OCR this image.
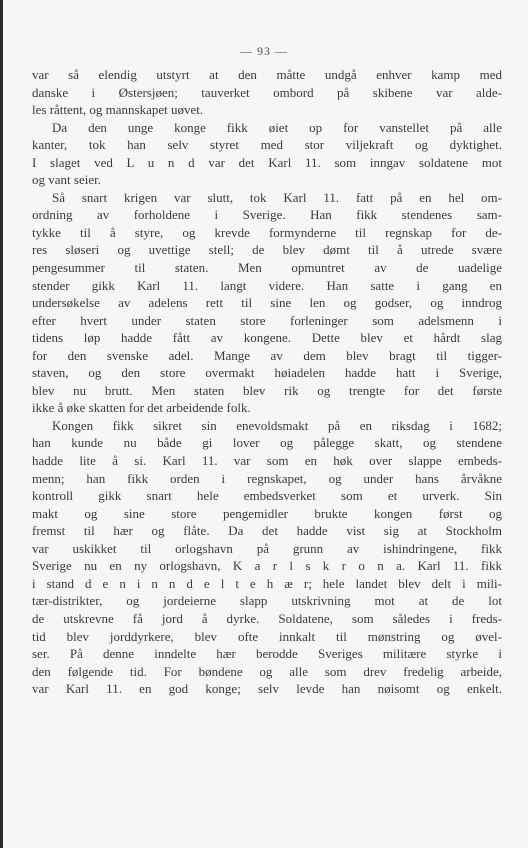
— 93 —
var så elendig utstyrt at den måtte undgå enhver kamp med
danske i Østersjøen; tauverket ombord på skibene var alde-
les råttent, og mannskapet uøvet.
Da den unge konge fikk øiet op for vanstellet på alle
kanter, tok han selv styret med stor viljekraft og dyktighet.
I slaget ved L u n d var det Karl 11. som inngav soldatene mot
og vant seier.
Så snart krigen var slutt, tok Karl 11. fatt på en hel om-
ordning av forholdene i Sverige. Han fikk stendenes sam-
tykke til å styre, og krevde formynderne til regnskap for de-
res sløseri og uvettige stell; de blev dømt til å utrede svære
pengesummer til staten. Men opmuntret av de uadelige
stender gikk Karl 11. langt videre. Han satte i gang en
undersøkelse av adelens rett til sine len og godser, og inndrog
efter hvert under staten store forleninger som adelsmenn i
tidens løp hadde fått av kongene. Dette blev et hårdt slag
for den svenske adel. Mange av dem blev bragt til tigger-
staven, og den store overmakt høiadelen hadde hatt i Sverige,
blev nu brutt. Men staten blev rik og trengte for det første
ikke å øke skatten for det arbeidende folk.
Kongen fikk sikret sin enevoldsmakt på en riksdag i 1682;
han kunde nu både gi lover og pålegge skatt, og stendene
hadde lite å si. Karl 11. var som en høk over slappe embeds-
menn; han fikk orden i regnskapet, og under hans årvåkne
kontroll gikk snart hele embedsverket som et urverk. Sin
makt og sine store pengemidler brukte kongen først og
fremst til hær og flåte. Da det hadde vist sig at Stockholm
var uskikket til orlogshavn på grunn av ishindringene, fikk
Sverige nu en ny orlogshavn, K a r l s k r o n a. Karl 11. fikk
i stand d e n i n n d e l t e h æ r; hele landet blev delt i mili-
tær-distrikter, og jordeierne slapp utskrivning mot at de lot
de utskrevne få jord å dyrke. Soldatene, som således i freds-
tid blev jorddyrkere, blev ofte innkalt til mønstring og øvel-
ser. På denne inndelte hær berodde Sveriges militære styrke i
den følgende tid. For bøndene og alle som drev fredelig arbeide,
var Karl 11. en god konge; selv levde han nøisomt og enkelt.
